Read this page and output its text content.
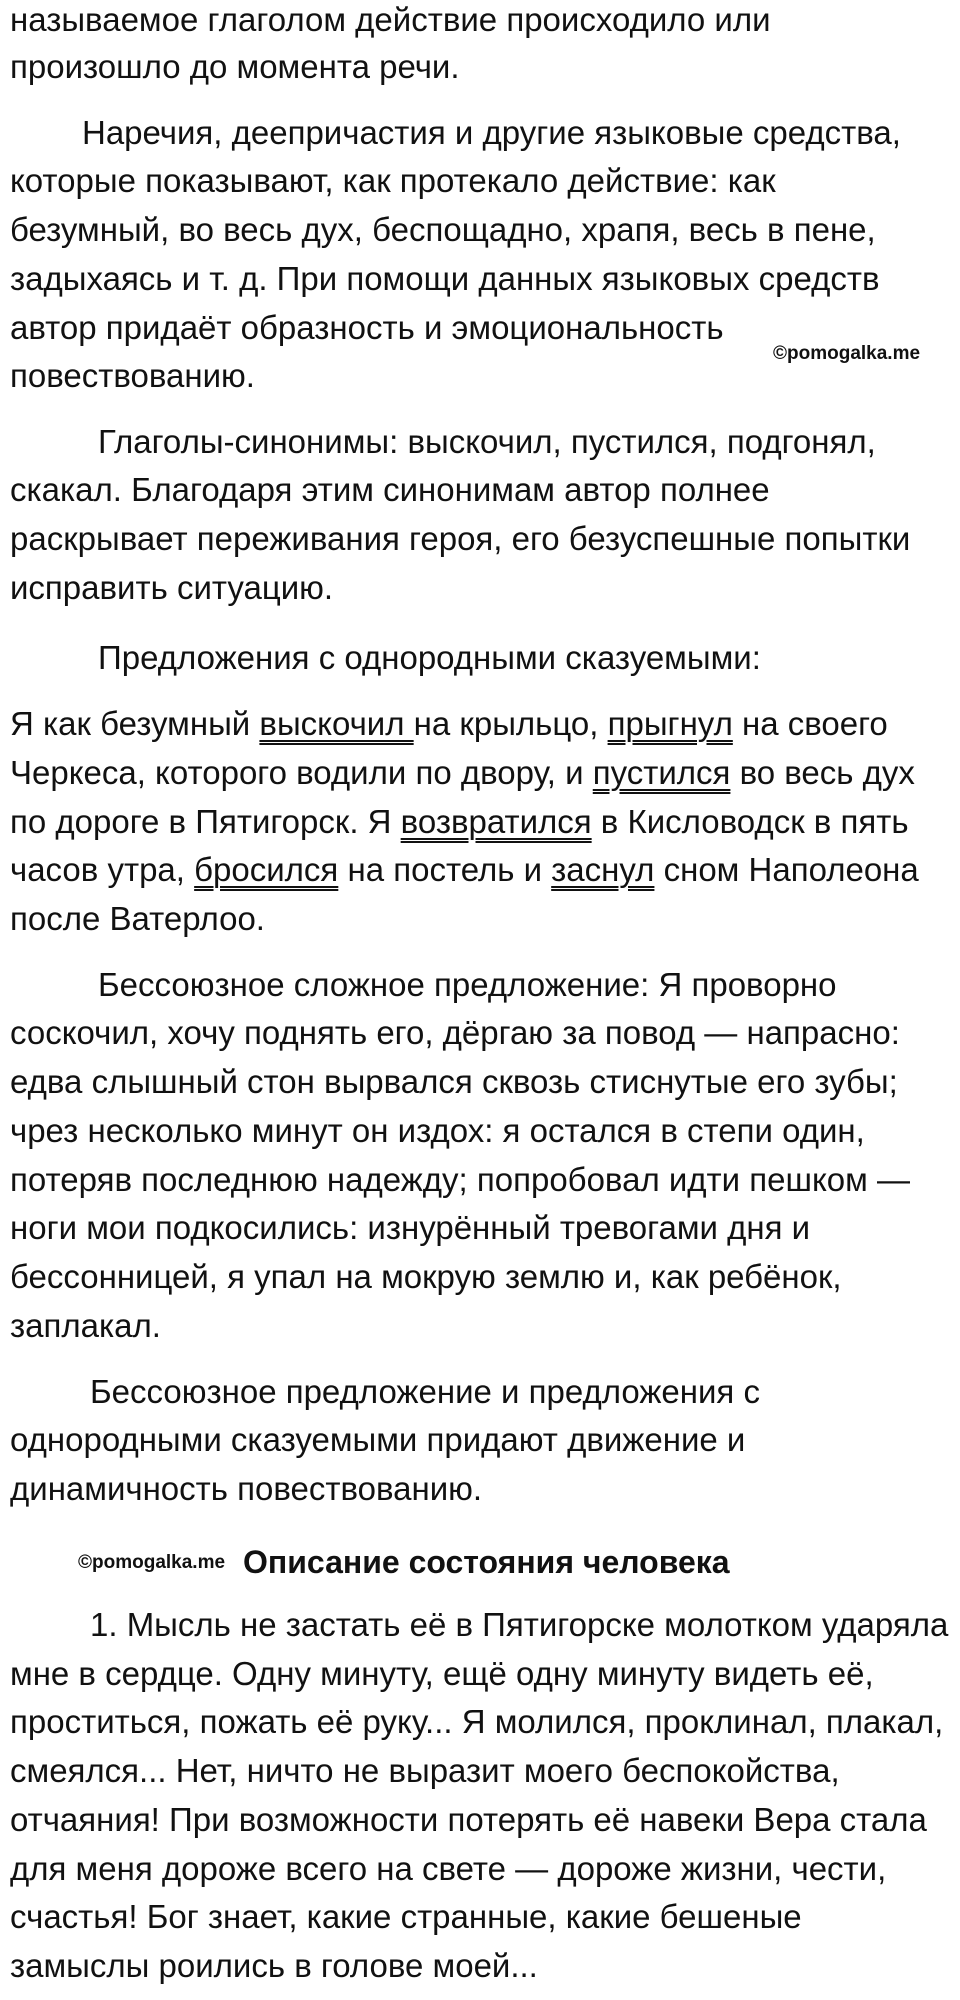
называемое глаголом действие происходило или
произошло до момента речи.
Наречия, деепричастия и другие языковые средства,
которые показывают, как протекало действие: как
безумный, во весь дух, беспощадно, храпя, весь в пене,
задыхаясь и т. д. При помощи данных языковых средств
автор придаёт образность и эмоциональность
повествованию.
©pomogalka.me
Глаголы-синонимы: выскочил, пустился, подгонял,
скакал. Благодаря этим синонимам автор полнее
раскрывает переживания героя, его безуспешные попытки
исправить ситуацию.
Предложения с однородными сказуемыми:
Я как безумный выскочил на крыльцо, прыгнул на своего
Черкеса, которого водили по двору, и пустился во весь дух
по дороге в Пятигорск. Я возвратился в Кисловодск в пять
часов утра, бросился на постель и заснул сном Наполеона
после Ватерлоо.
Бессоюзное сложное предложение: Я проворно
соскочил, хочу поднять его, дёргаю за повод — напрасно:
едва слышный стон вырвался сквозь стиснутые его зубы;
чрез несколько минут он издох: я остался в степи один,
потеряв последнюю надежду; попробовал идти пешком —
ноги мои подкосились: изнурённый тревогами дня и
бессонницей, я упал на мокрую землю и, как ребёнок,
заплакал.
Бессоюзное предложение и предложения с
однородными сказуемыми придают движение и
динамичность повествованию.
©pomogalka.me Описание состояния человека
1. Мысль не застать её в Пятигорске молотком ударяла
мне в сердце. Одну минуту, ещё одну минуту видеть её,
проститься, пожать её руку... Я молился, проклинал, плакал,
смеялся... Нет, ничто не выразит моего беспокойства,
отчаяния! При возможности потерять её навеки Вера стала
для меня дороже всего на свете — дороже жизни, чести,
счастья! Бог знает, какие странные, какие бешеные
замыслы роились в голове моей...
